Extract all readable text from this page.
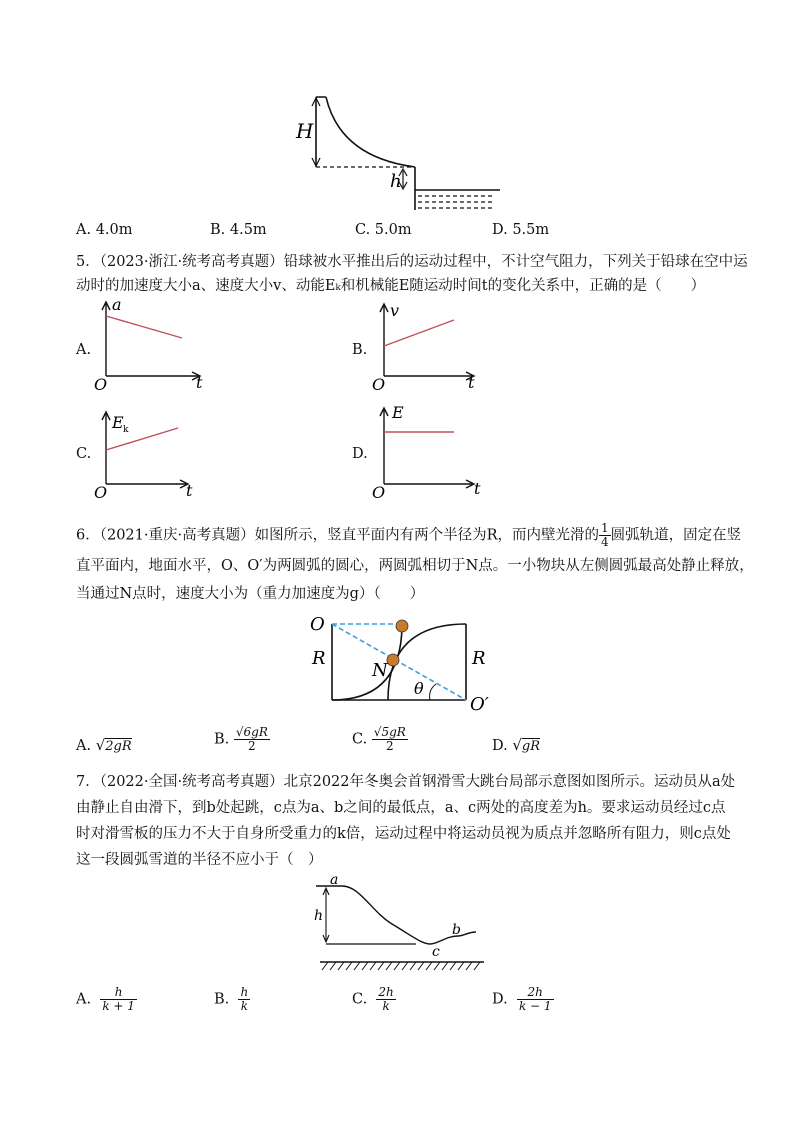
H
h
A. 4.0m	B. 4.5m	C. 5.0m	D. 5.5m
5．（2023·浙江·统考高考真题）铅球被水平推出后的运动过程中，不计空气阻力，下列关于铅球在空中运
动时的加速度大小a、速度大小v、动能Eₖ和机械能E随运动时间t的变化关系中，正确的是（　　）
A.
a
O	t
B.
v
O	t
C.
E k
O	t
D.
E
O	t
6．（2021·重庆·高考真题）如图所示，竖直平面内有两个半径为R，而内壁光滑的 $\frac{1}{4}$ 圆弧轨道，固定在竖
直平面内，地面水平，O、O′为两圆弧的圆心，两圆弧相切于N点。一小物块从左侧圆弧最高处静止释放，
当通过N点时，速度大小为（重力加速度为g）（　　）
O
R	R
N
θ
O′
A. √2gR	B. $\frac{√6gR}{2}$	C. $\frac{√5gR}{2}$	D. √gR
7．（2022·全国·统考高考真题）北京2022年冬奥会首钢滑雪大跳台局部示意图如图所示。运动员从a处
由静止自由滑下，到b处起跳，c点为a、b之间的最低点，a、c两处的高度差为h。要求运动员经过c点
时对滑雪板的压力不大于自身所受重力的k倍，运动过程中将运动员视为质点并忽略所有阻力，则c点处
这一段圆弧雪道的半径不应小于（　）
a
h
b
c
A. $\frac{h}{k + 1}$	B. $\frac{h}{k}$	C. $\frac{2h}{k}$	D. $\frac{2h}{k - 1}$
